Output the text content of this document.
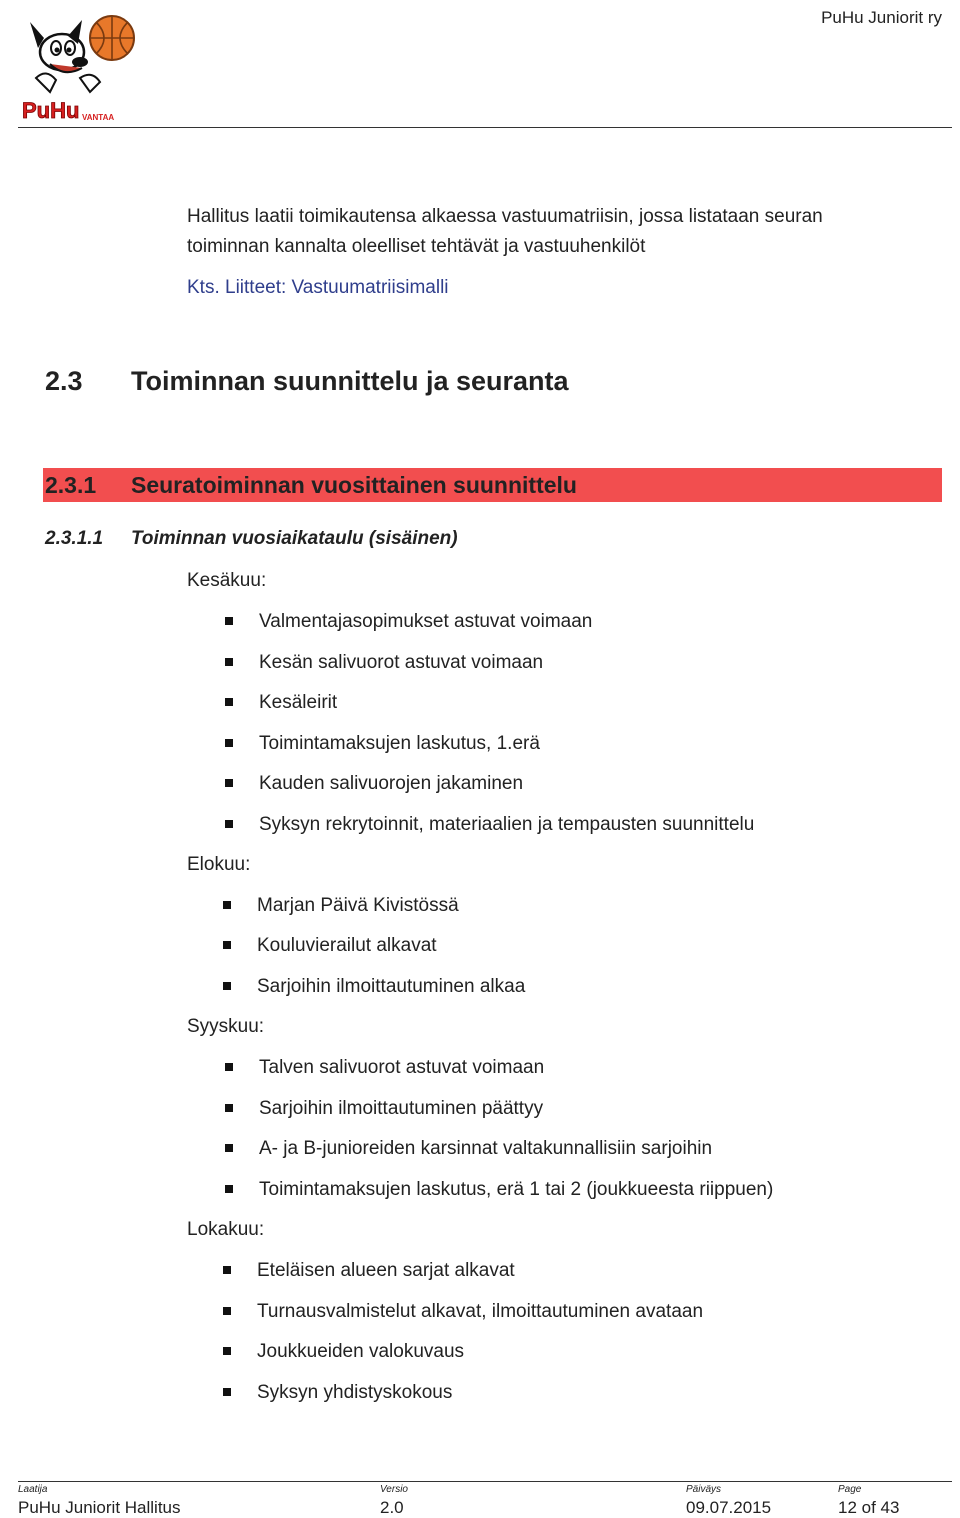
PuHu VANTAA
PuHu Juniorit ry
Hallitus laatii toimikautensa alkaessa vastuumatriisin, jossa listataan seuran
toiminnan kannalta oleelliset tehtävät ja vastuuhenkilöt
Kts. Liitteet: Vastuumatriisimalli
2.3 Toiminnan suunnittelu ja seuranta
2.3.1 Seuratoiminnan vuosittainen suunnittelu
2.3.1.1 Toiminnan vuosiaikataulu (sisäinen)
Kesäkuu:
Valmentajasopimukset astuvat voimaan
Kesän salivuorot astuvat voimaan
Kesäleirit
Toimintamaksujen laskutus, 1.erä
Kauden salivuorojen jakaminen
Syksyn rekrytoinnit, materiaalien ja tempausten suunnittelu
Elokuu:
Marjan Päivä Kivistössä
Kouluvierailut alkavat
Sarjoihin ilmoittautuminen alkaa
Syyskuu:
Talven salivuorot astuvat voimaan
Sarjoihin ilmoittautuminen päättyy
A- ja B-junioreiden karsinnat valtakunnallisiin sarjoihin
Toimintamaksujen laskutus, erä 1 tai 2 (joukkueesta riippuen)
Lokakuu:
Eteläisen alueen sarjat alkavat
Turnausvalmistelut alkavat, ilmoittautuminen avataan
Joukkueiden valokuvaus
Syksyn yhdistyskokous
Laatija	Versio	Päiväys	Page
PuHu Juniorit Hallitus	2.0	09.07.2015	12 of 43
